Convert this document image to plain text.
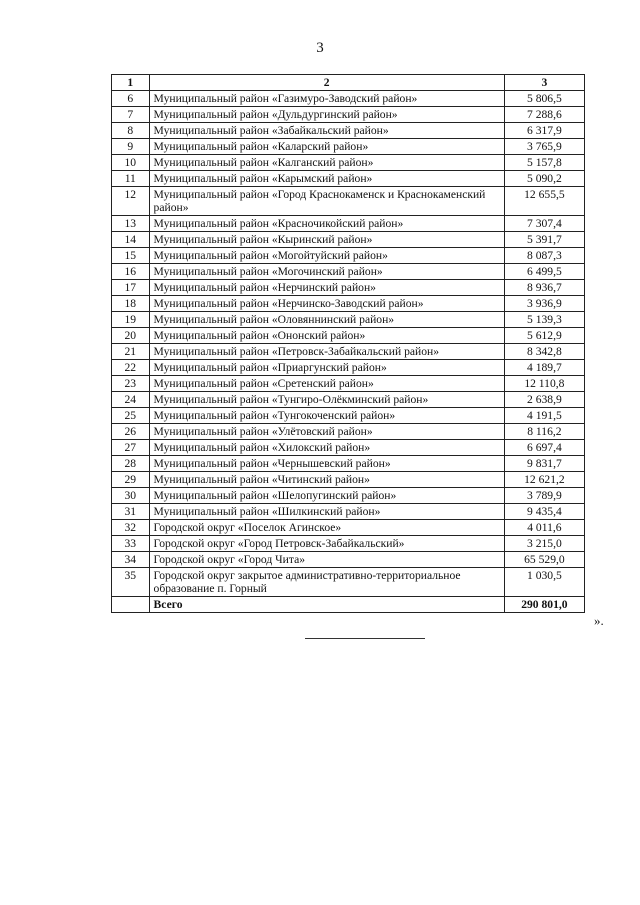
3
1	2	3
6	Муниципальный район «Газимуро-Заводский район»	5 806,5
7	Муниципальный район «Дульдургинский район»	7 288,6
8	Муниципальный район «Забайкальский район»	6 317,9
9	Муниципальный район «Каларский район»	3 765,9
10	Муниципальный район «Калганский район»	5 157,8
11	Муниципальный район «Карымский район»	5 090,2
12	Муниципальный район «Город Краснокаменск и Краснокаменский район»	12 655,5
13	Муниципальный район «Красночикойский район»	7 307,4
14	Муниципальный район «Кыринский район»	5 391,7
15	Муниципальный район «Могойтуйский район»	8 087,3
16	Муниципальный район «Могочинский район»	6 499,5
17	Муниципальный район «Нерчинский район»	8 936,7
18	Муниципальный район «Нерчинско-Заводский район»	3 936,9
19	Муниципальный район «Оловяннинский район»	5 139,3
20	Муниципальный район «Ононский район»	5 612,9
21	Муниципальный район «Петровск-Забайкальский район»	8 342,8
22	Муниципальный район «Приаргунский район»	4 189,7
23	Муниципальный район «Сретенский район»	12 110,8
24	Муниципальный район «Тунгиро-Олёкминский район»	2 638,9
25	Муниципальный район «Тунгокоченский район»	4 191,5
26	Муниципальный район «Улётовский район»	8 116,2
27	Муниципальный район «Хилокский район»	6 697,4
28	Муниципальный район «Чернышевский район»	9 831,7
29	Муниципальный район «Читинский район»	12 621,2
30	Муниципальный район «Шелопугинский район»	3 789,9
31	Муниципальный район «Шилкинский район»	9 435,4
32	Городской округ «Поселок Агинское»	4 011,6
33	Городской округ «Город Петровск-Забайкальский»	3 215,0
34	Городской округ «Город Чита»	65 529,0
35	Городской округ закрытое административно-территориальное образование п. Горный	1 030,5
	Всего	290 801,0
».
